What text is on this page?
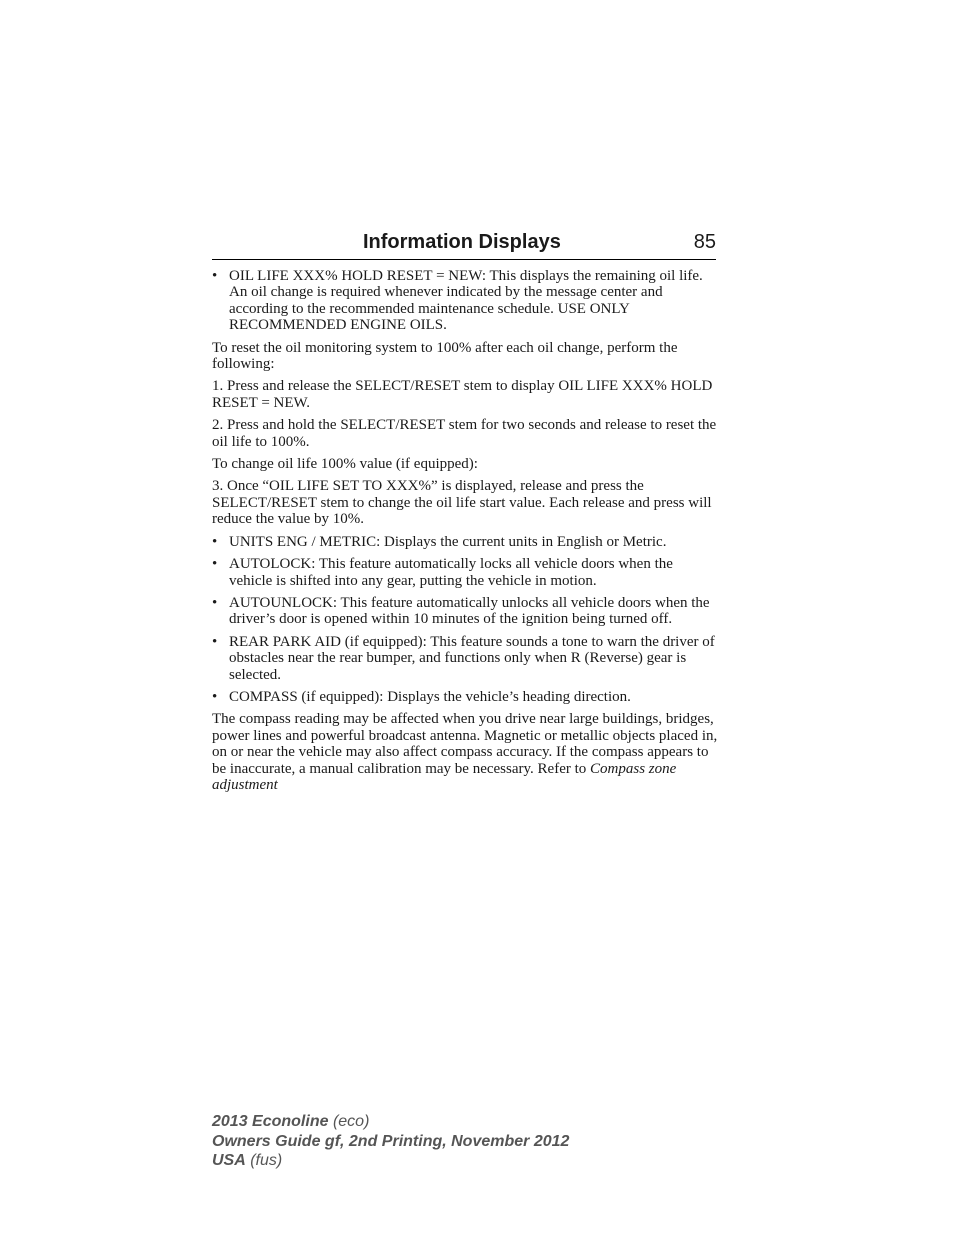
Information Displays	85
• OIL LIFE XXX% HOLD RESET = NEW: This displays the remaining oil life. An oil change is required whenever indicated by the message center and according to the recommended maintenance schedule. USE ONLY RECOMMENDED ENGINE OILS.

To reset the oil monitoring system to 100% after each oil change, perform the following:

1. Press and release the SELECT/RESET stem to display OIL LIFE XXX% HOLD RESET = NEW.

2. Press and hold the SELECT/RESET stem for two seconds and release to reset the oil life to 100%.

To change oil life 100% value (if equipped):

3. Once “OIL LIFE SET TO XXX%” is displayed, release and press the SELECT/RESET stem to change the oil life start value. Each release and press will reduce the value by 10%.

• UNITS ENG / METRIC: Displays the current units in English or Metric.
• AUTOLOCK: This feature automatically locks all vehicle doors when the vehicle is shifted into any gear, putting the vehicle in motion.
• AUTOUNLOCK: This feature automatically unlocks all vehicle doors when the driver’s door is opened within 10 minutes of the ignition being turned off.
• REAR PARK AID (if equipped): This feature sounds a tone to warn the driver of obstacles near the rear bumper, and functions only when R (Reverse) gear is selected.
• COMPASS (if equipped): Displays the vehicle’s heading direction.

The compass reading may be affected when you drive near large buildings, bridges, power lines and powerful broadcast antenna. Magnetic or metallic objects placed in, on or near the vehicle may also affect compass accuracy. If the compass appears to be inaccurate, a manual calibration may be necessary. Refer to Compass zone adjustment

2013 Econoline (eco)
Owners Guide gf, 2nd Printing, November 2012
USA (fus)
